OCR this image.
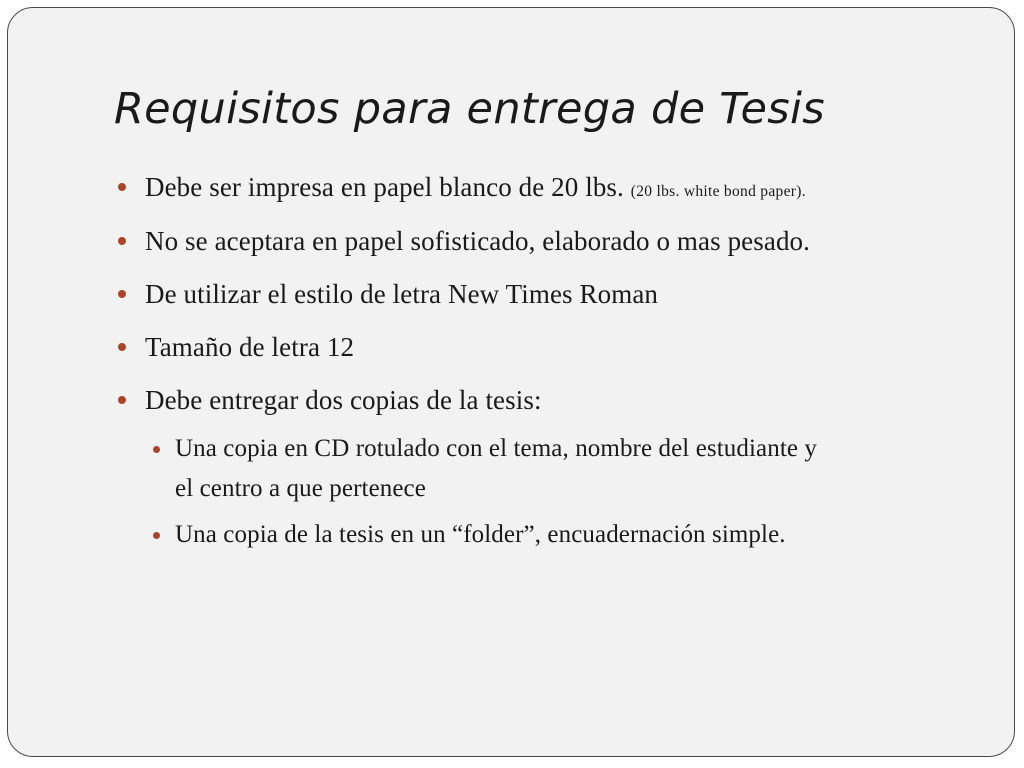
Requisitos para entrega de Tesis
Debe ser impresa en papel blanco de 20 lbs. (20 lbs. white bond paper).
No se aceptara en papel sofisticado, elaborado o mas pesado.
De utilizar el estilo de letra New Times Roman
Tamaño de letra 12
Debe entregar dos copias de la tesis:
Una copia en CD rotulado con el tema, nombre del estudiante y
el centro a que pertenece
Una copia de la tesis en un “folder”, encuadernación simple.
